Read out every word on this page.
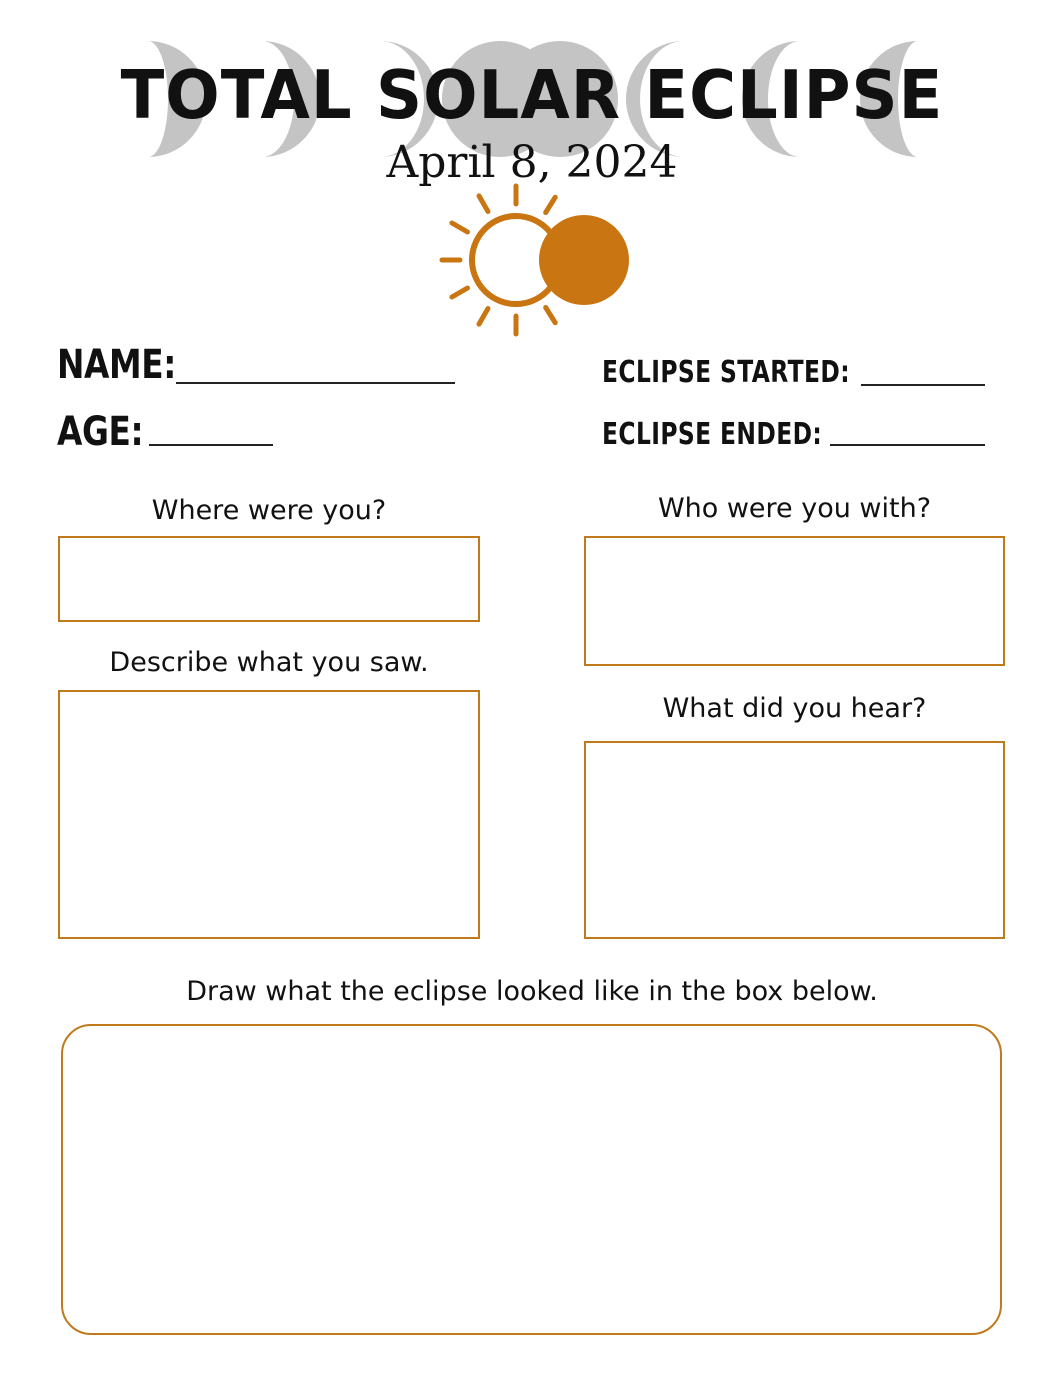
TOTAL SOLAR ECLIPSE
April 8, 2024
NAME:
AGE:
ECLIPSE STARTED:
ECLIPSE ENDED:
Where were you?	Who were you with?
Describe what you saw.
What did you hear?
Draw what the eclipse looked like in the box below.
